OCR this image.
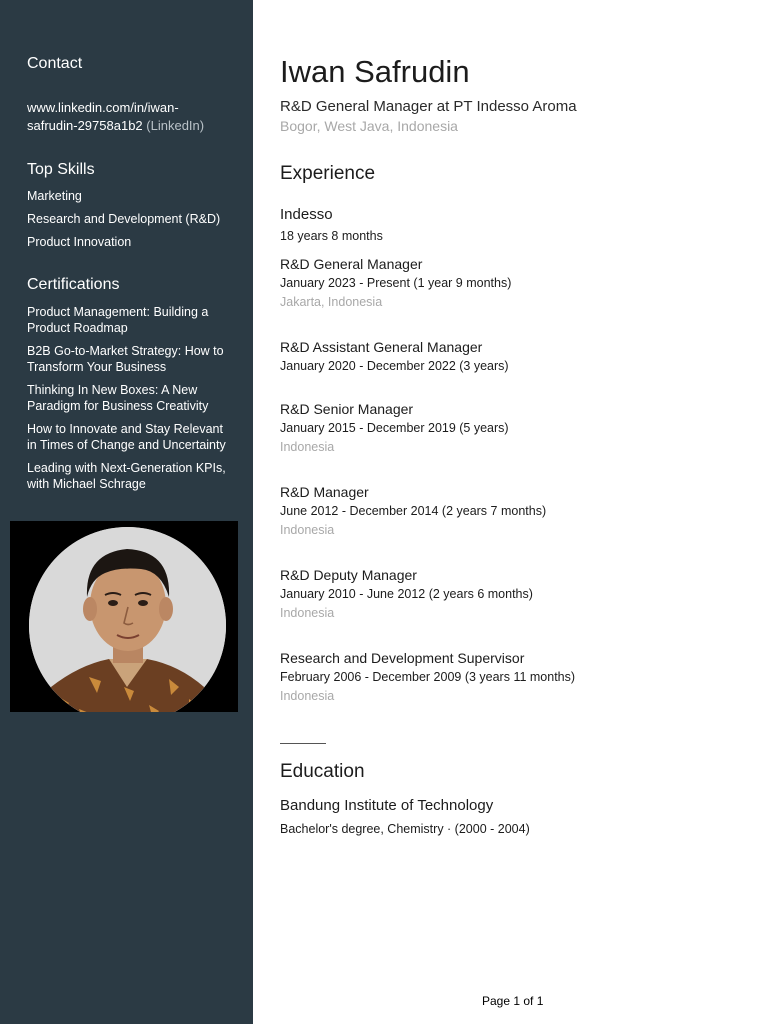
Contact
www.linkedin.com/in/iwan-
safrudin-29758a1b2 (LinkedIn)
Top Skills
Marketing
Research and Development (R&D)
Product Innovation
Certifications
Product Management: Building a
Product Roadmap
B2B Go-to-Market Strategy: How to
Transform Your Business
Thinking In New Boxes: A New
Paradigm for Business Creativity
How to Innovate and Stay Relevant
in Times of Change and Uncertainty
Leading with Next-Generation KPIs,
with Michael Schrage
Iwan Safrudin
R&D General Manager at PT Indesso Aroma
Bogor, West Java, Indonesia
Experience
Indesso
18 years 8 months
R&D General Manager
January 2023 - Present (1 year 9 months)
Jakarta, Indonesia
R&D Assistant General Manager
January 2020 - December 2022 (3 years)
R&D Senior Manager
January 2015 - December 2019 (5 years)
Indonesia
R&D Manager
June 2012 - December 2014 (2 years 7 months)
Indonesia
R&D Deputy Manager
January 2010 - June 2012 (2 years 6 months)
Indonesia
Research and Development Supervisor
February 2006 - December 2009 (3 years 11 months)
Indonesia
Education
Bandung Institute of Technology
Bachelor's degree, Chemistry · (2000 - 2004)
Page 1 of 1
